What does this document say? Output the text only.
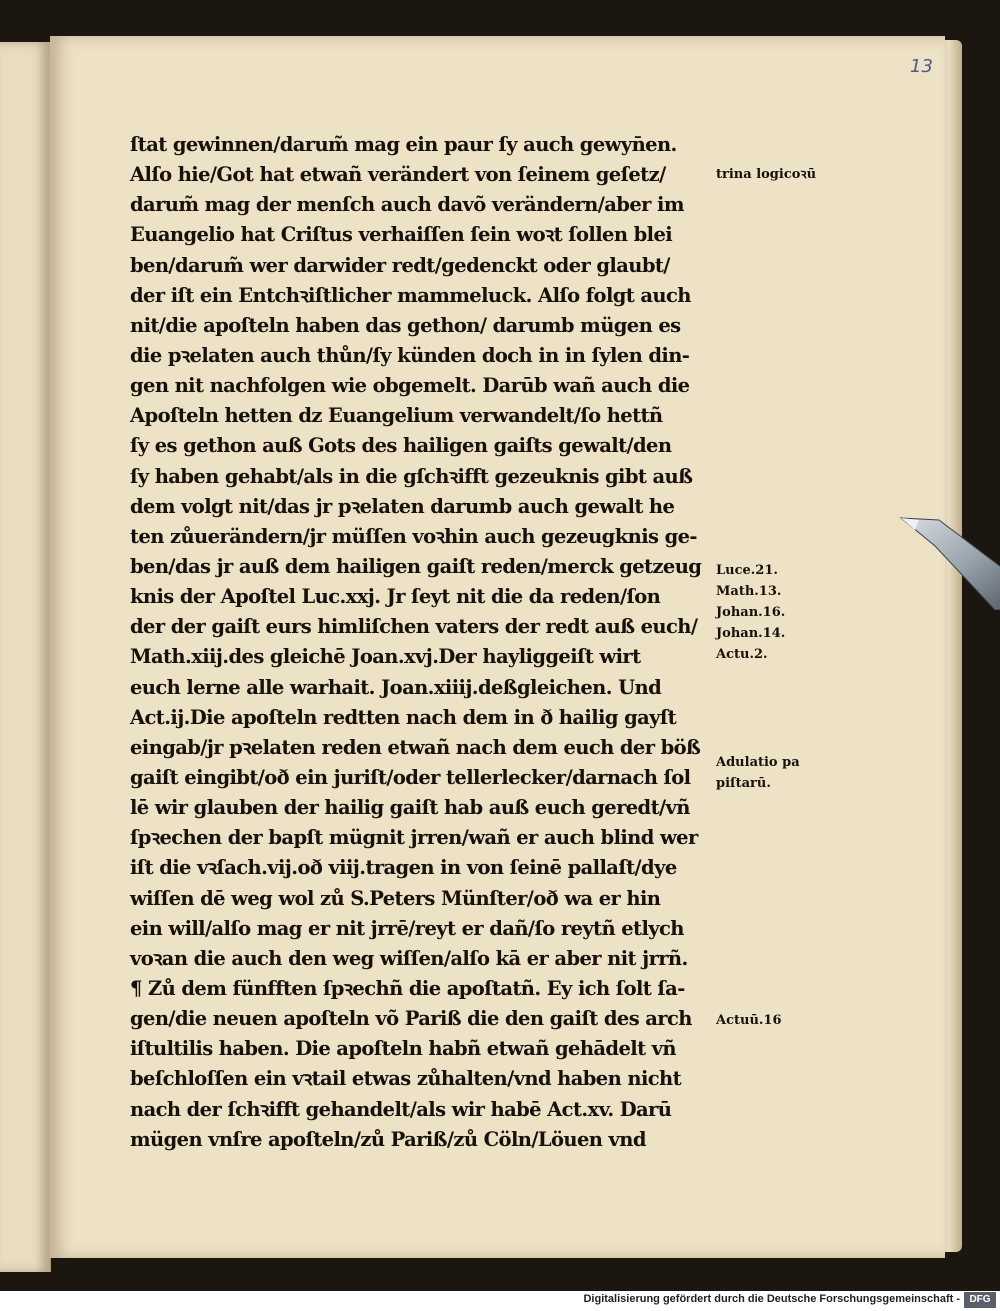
13
ſtat gewinnen/darum̃ mag ein paur ſy auch gewyn̄en.
Alſo hie/Got hat etwañ verändert von ſeinem geſetz/
darum̃ mag der menſch auch davõ verändern/aber im
Euangelio hat Criſtus verhaiſſen ſein woꝛt ſollen blei
ben/darum̃ wer darwider redt/gedenckt oder glaubt/
der iſt ein Entchꝛiſtlicher mammeluck. Alſo folgt auch
nit/die apoſteln haben das gethon/ darumb mügen es
die pꝛelaten auch thůn/ſy künden doch in in ſylen din-
gen nit nachfolgen wie obgemelt. Darūb wañ auch die
Apoſteln hetten dz Euangelium verwandelt/ſo hettñ
ſy es gethon auß Gots des hailigen gaiſts gewalt/den
ſy haben gehabt/als in die gſchꝛifft gezeuknis gibt auß
dem volgt nit/das jr pꝛelaten darumb auch gewalt he
ten zůuerändern/jr müſſen voꝛhin auch gezeugknis ge-
ben/das jr auß dem hailigen gaiſt reden/merck getzeug
knis der Apoſtel Luc.xxj. Jr ſeyt nit die da reden/ſon
der der gaiſt eurs himliſchen vaters der redt auß euch/
Math.xiij.des gleichē Joan.xvj.Der hayliggeiſt wirt
euch lerne alle warhait. Joan.xiiij.deßgleichen. Und
Act.ij.Die apoſteln redtten nach dem in ð hailig gayſt
eingab/jr pꝛelaten reden etwañ nach dem euch der böß
gaiſt eingibt/oð ein juriſt/oder tellerlecker/darnach ſol
lē wir glauben der hailig gaiſt hab auß euch geredt/vñ
ſpꝛechen der bapſt mügnit jrren/wañ er auch blind wer
iſt die vꝛſach.vij.oð viij.tragen in von ſeinē pallaſt/dye
wiſſen dē weg wol zů S.Peters Münſter/oð wa er hin
ein will/alſo mag er nit jrrē/reyt er dañ/ſo reytñ etlych
voꝛan die auch den weg wiſſen/alſo kā er aber nit jrrñ.
¶ Zů dem fünfften ſpꝛechñ die apoſtatñ. Ey ich ſolt ſa-
gen/die neuen apoſteln võ Pariß die den gaiſt des arch
iſtultilis haben. Die apoſteln habñ etwañ gehādelt vñ
beſchloſſen ein vꝛtail etwas zůhalten/vnd haben nicht
nach der ſchꝛifft gehandelt/als wir habē Act.xv. Darū
mügen vnſre apoſteln/zů Pariß/zů Cöln/Löuen vnd
trina logicoꝛū
Luce.21.
Math.13.
Johan.16.
Johan.14.
Actu.2.
Adulatio pa
piſtarū.
Actuū.16
Digitalisierung gefördert durch die Deutsche Forschungsgemeinschaft - DFG
